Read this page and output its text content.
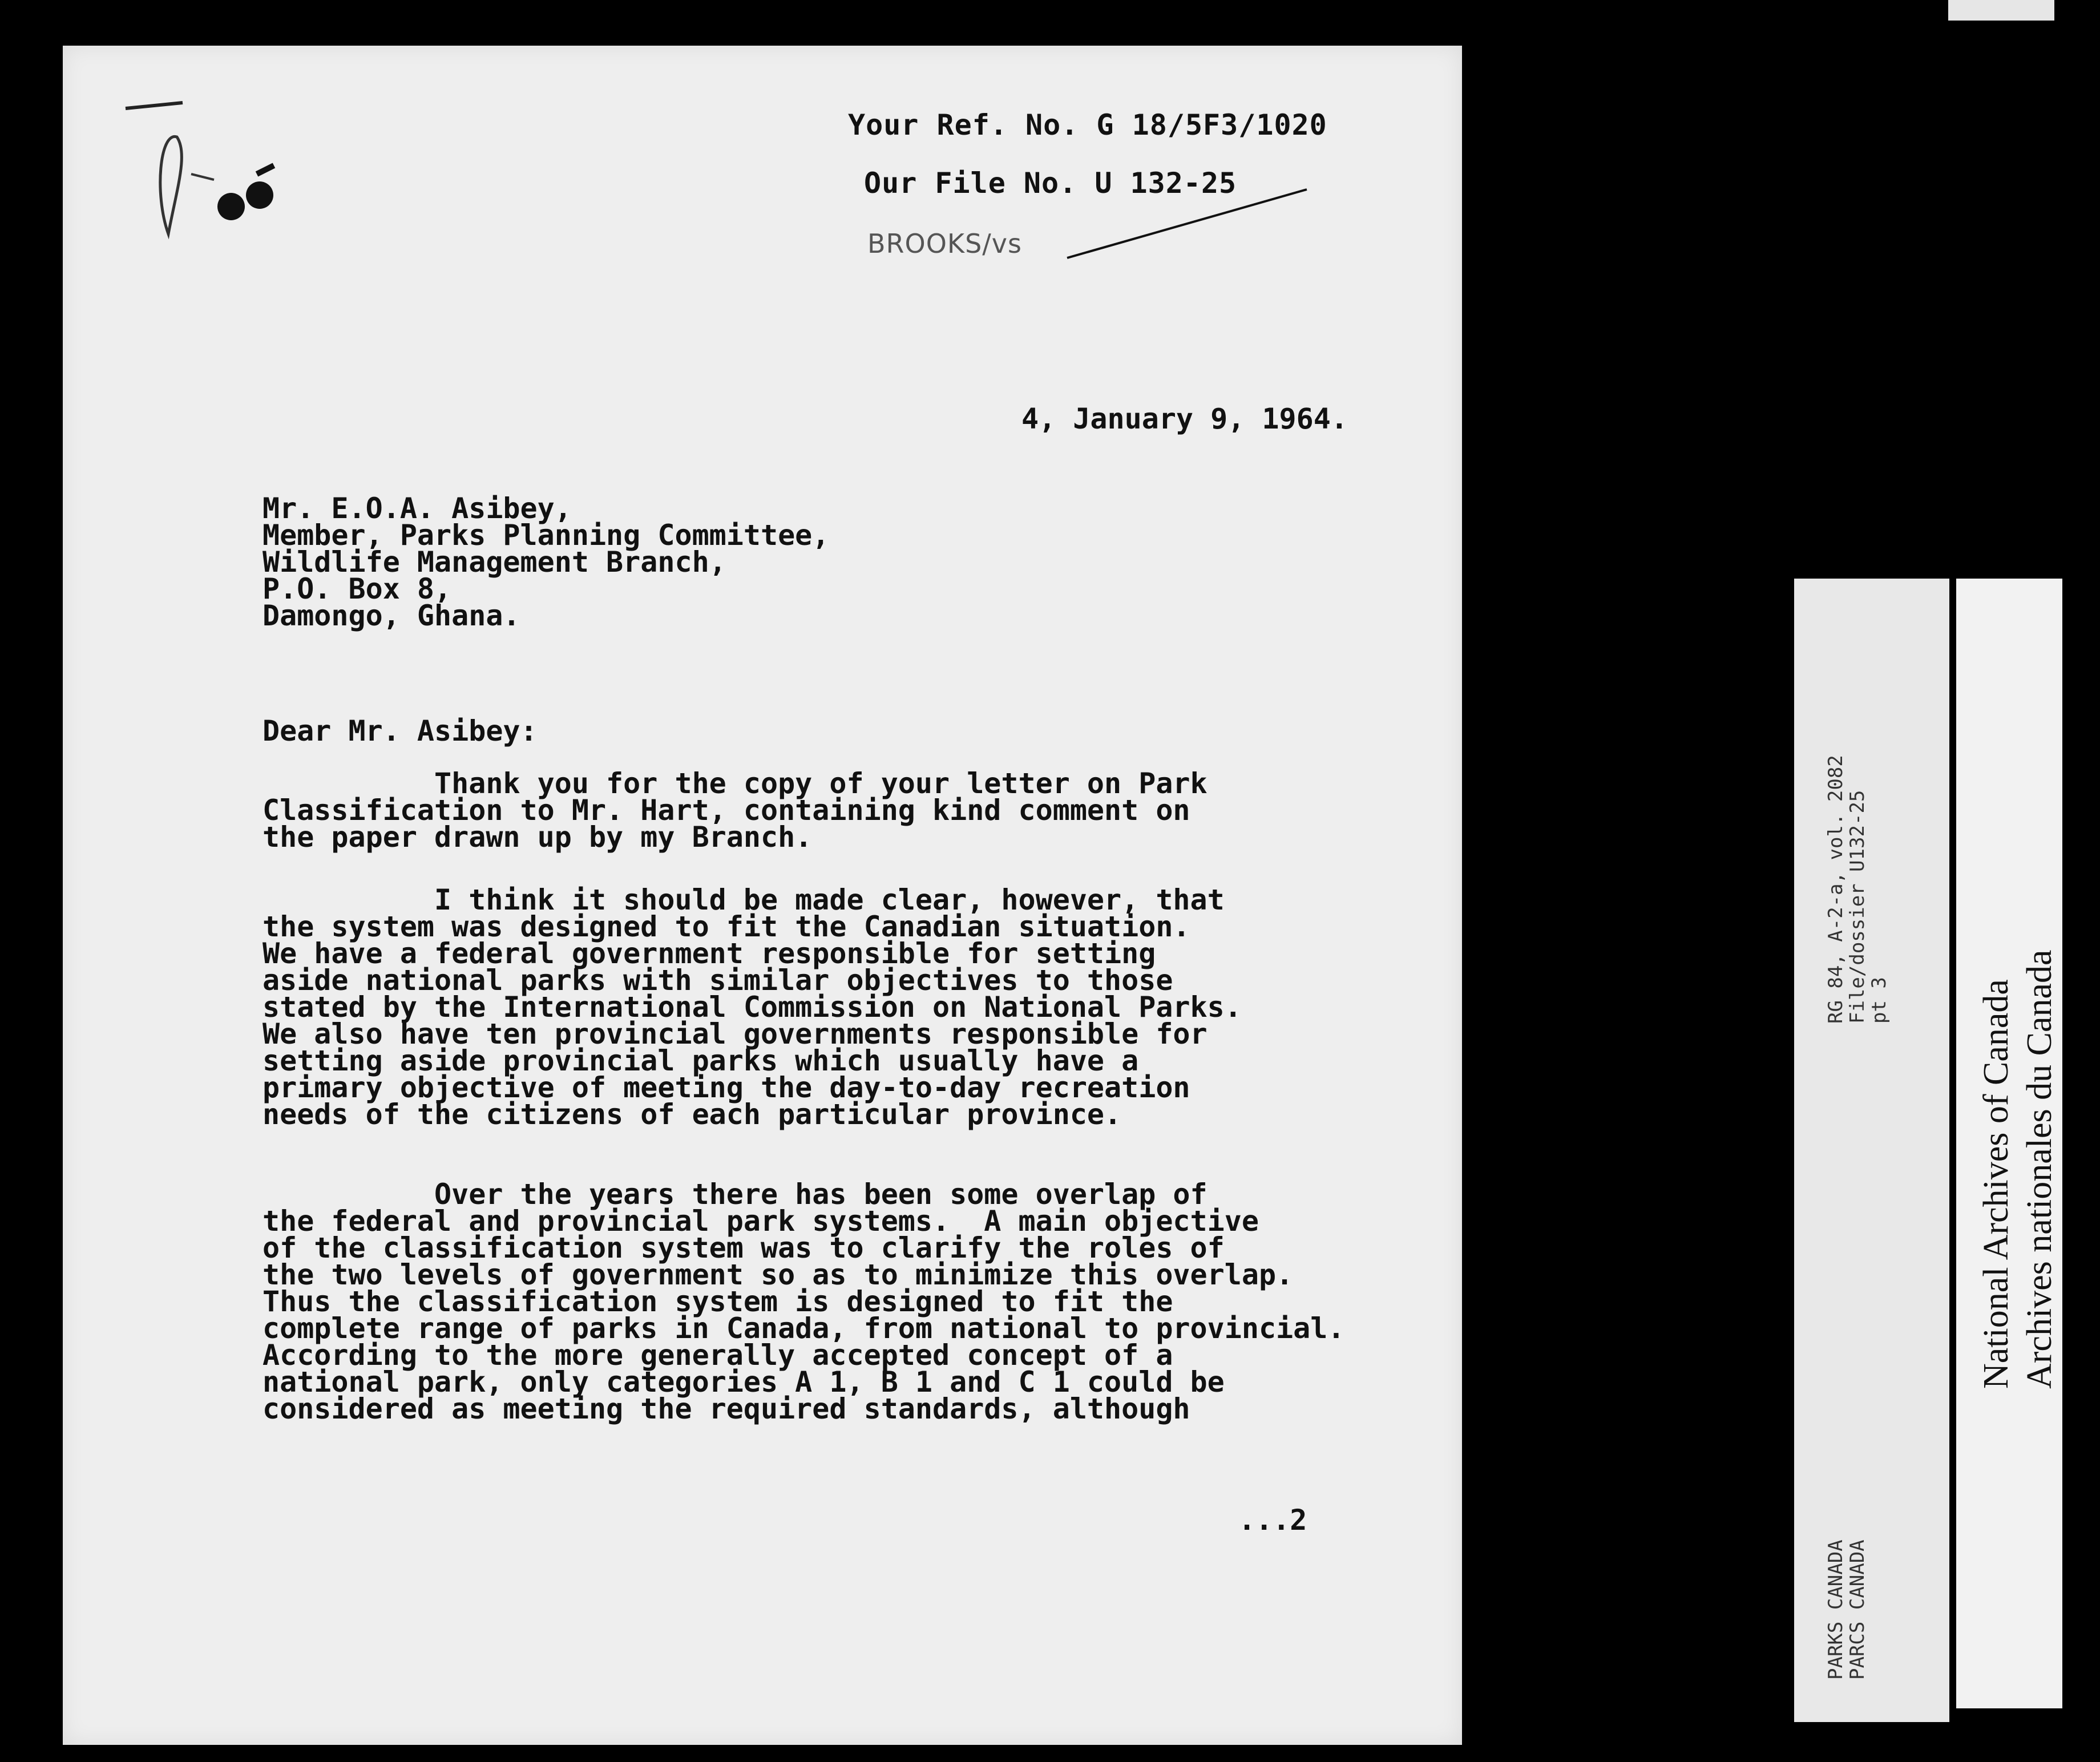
Your Ref. No. G 18/5F3/1020
Our File No. U 132-25
BROOKS/vs
4, January 9, 1964.
Mr. E.O.A. Asibey,
Member, Parks Planning Committee,
Wildlife Management Branch,
P.O. Box 8,
Damongo, Ghana.
Dear Mr. Asibey:
Thank you for the copy of your letter on Park
Classification to Mr. Hart, containing kind comment on
the paper drawn up by my Branch.
I think it should be made clear, however, that
the system was designed to fit the Canadian situation.
We have a federal government responsible for setting
aside national parks with similar objectives to those
stated by the International Commission on National Parks.
We also have ten provincial governments responsible for
setting aside provincial parks which usually have a
primary objective of meeting the day-to-day recreation
needs of the citizens of each particular province.
Over the years there has been some overlap of
the federal and provincial park systems.  A main objective
of the classification system was to clarify the roles of
the two levels of government so as to minimize this overlap.
Thus the classification system is designed to fit the
complete range of parks in Canada, from national to provincial.
According to the more generally accepted concept of a
national park, only categories A 1, B 1 and C 1 could be
considered as meeting the required standards, although
...2
RG 84, A-2-a, vol. 2082
File/dossier U132-25
pt 3
PARKS CANADA
PARCS CANADA
National Archives of Canada
Archives nationales du Canada
